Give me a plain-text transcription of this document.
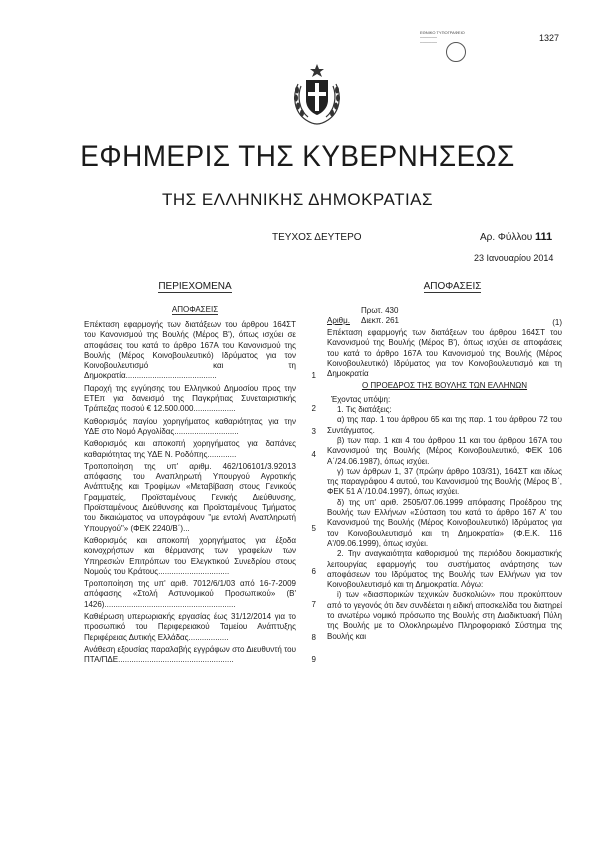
1327
ΕΘΝΙΚΟ ΤΥΠΟΓΡΑΦΕΙΟ
──────
──────
ΕΦΗΜΕΡΙΣ ΤΗΣ ΚΥΒΕΡΝΗΣΕΩΣ
ΤΗΣ ΕΛΛΗΝΙΚΗΣ ΔΗΜΟΚΡΑΤΙΑΣ
ΤΕΥΧΟΣ ΔΕΥΤΕΡΟ	Αρ. Φύλλου 111
23 Ιανουαρίου 2014
ΠΕΡΙΕΧΟΜΕΝΑ
ΑΠΟΦΑΣΕΙΣ
ΑΠΟΦΑΣΕΙΣ
Επέκταση εφαρμογής των διατάξεων του άρθρου 164ΣΤ του Κανονισμού της Βουλής (Μέρος Β'), όπως ισχύει σε αποφάσεις του κατά το άρθρο 167Α του Κανονισμού της Βουλής (Μέρος Κοινοβουλευτικό) Ιδρύματος για τον Κοινοβουλευτισμό και τη Δημοκρατία.........................................	1
Παροχή της εγγύησης του Ελληνικού Δημοσίου προς την ΕΤΕπ για δανεισμό της Παγκρήτιας Συνεταιριστικής Τράπεζας ποσού € 12.500.000...................	2
Καθορισμός παγίου χορηγήματος καθαριότητας για την ΥΔΕ στο Νομό Αργολίδας.............................	3
Καθορισμός και αποκοπή χορηγήματος για δαπάνες καθαριότητας της ΥΔΕ Ν. Ροδόπης.............	4
Τροποποίηση της υπ' αριθμ. 462/106101/3.92013 απόφασης του Αναπληρωτή Υπουργού Αγροτικής Ανάπτυξης και Τροφίμων «Μεταβίβαση στους Γενικούς Γραμματείς, Προϊσταμένους Γενικής Διεύθυνσης, Προϊσταμένους Διεύθυνσης και Προϊσταμένους Τμήματος του δικαιώματος να υπογράφουν "με εντολή Αναπληρωτή Υπουργού"» (ΦΕΚ 2240/Β΄)...	5
Καθορισμός και αποκοπή χορηγήματος για έξοδα κοινοχρήστων και θέρμανσης των γραφείων των Υπηρεσιών Επιτρόπων του Ελεγκτικού Συνεδρίου στους Νομούς του Κράτους................................	6
Τροποποίηση της υπ' αριθ. 7012/6/1/03 από 16-7-2009 απόφασης «Στολή Αστυνομικού Προσωπικού» (Β' 1426)...........................................................	7
Καθιέρωση υπερωριακής εργασίας έως 31/12/2014 για το προσωπικό του Περιφερειακού Ταμείου Ανάπτυξης Περιφέρειας Δυτικής Ελλάδας..................	8
Ανάθεση εξουσίας παραλαβής εγγράφων στο Διευθυντή του ΠΤΑ/ΠΔΕ....................................................	9
Αριθμ.
Πρωτ. 430
Διεκπ. 261	(1)
Επέκταση εφαρμογής των διατάξεων του άρθρου 164ΣΤ του Κανονισμού της Βουλής (Μέρος Β'), όπως ισχύει σε αποφάσεις του κατά το άρθρο 167Α του Κανονισμού της Βουλής (Μέρος Κοινοβουλευτικό) Ιδρύματος για τον Κοινοβουλευτισμό και τη Δημοκρατία
Ο ΠΡΟΕΔΡΟΣ ΤΗΣ ΒΟΥΛΗΣ ΤΩΝ ΕΛΛΗΝΩΝ
Έχοντας υπόψη:
1. Τις διατάξεις:
α) της παρ. 1 του άρθρου 65 και της παρ. 1 του άρθρου 72 του Συντάγματος.
β) των παρ. 1 και 4 του άρθρου 11 και του άρθρου 167Α του Κανονισμού της Βουλής (Μέρος Κοινοβουλευτικό, ΦΕΚ 106 Α΄/24.06.1987), όπως ισχύει.
γ) των άρθρων 1, 37 (πρώην άρθρο 103/31), 164ΣΤ και ιδίως της παραγράφου 4 αυτού, του Κανονισμού της Βουλής (Μέρος Β΄, ΦΕΚ 51 Α΄/10.04.1997), όπως ισχύει.
δ) της υπ' αριθ. 2505/07.06.1999 απόφασης Προέδρου της Βουλής των Ελλήνων «Σύσταση του κατά το άρθρο 167 Α' του Κανονισμού της Βουλής (Μέρος Κοινοβουλευτικό) Ιδρύματος για τον Κοινοβουλευτισμό και τη Δημοκρατία» (Φ.Ε.Κ. 116 Α'/09.06.1999), όπως ισχύει.
2. Την αναγκαιότητα καθορισμού της περιόδου δοκιμαστικής λειτουργίας εφαρμογής του συστήματος ανάρτησης των αποφάσεων του Ιδρύματος της Βουλής των Ελλήνων για τον Κοινοβουλευτισμό και τη Δημοκρατία. Λόγω:
i) των «διασπορικών τεχνικών δυσκολιών» που προκύπτουν από το γεγονός ότι δεν συνδέεται η ειδική αποσκελίδα του διατηρεί το ανωτέρω νομικό πρόσωπο της Βουλής στη Διαδικτυακή Πύλη της Βουλής με το Ολοκληρωμένο Πληροφοριακό Σύστημα της Βουλής και
